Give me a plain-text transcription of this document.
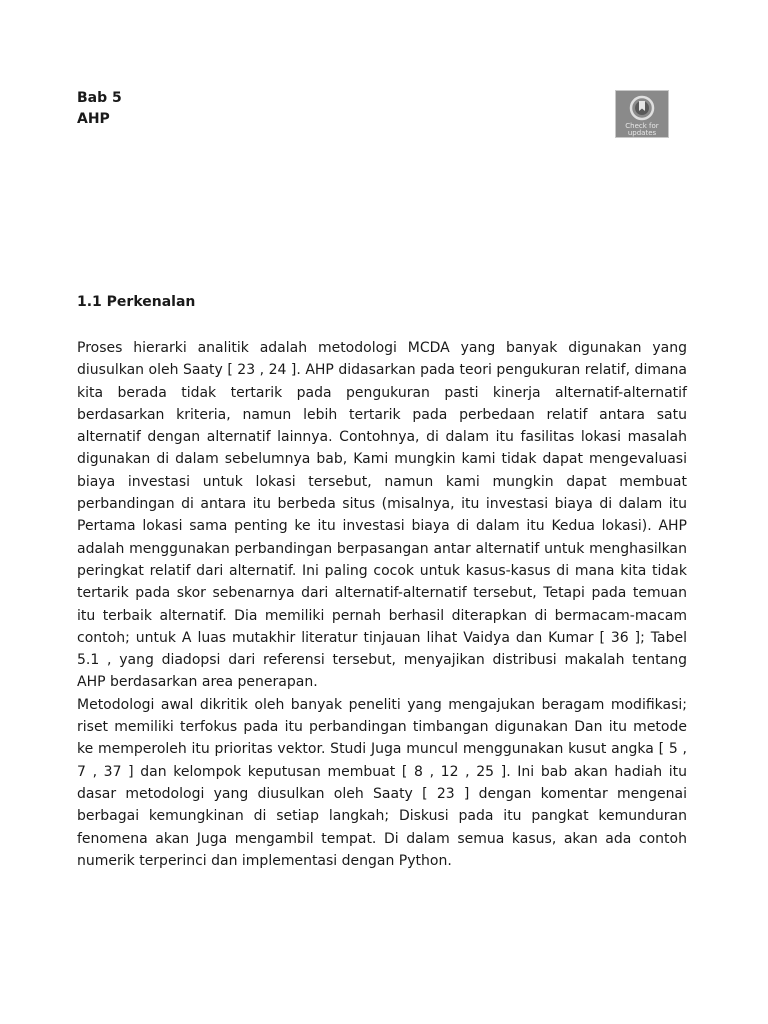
Bab 5
AHP	Check for
updates
1.1 Perkenalan

Proses hierarki analitik adalah metodologi MCDA yang banyak digunakan yang diusulkan oleh Saaty [ 23 , 24 ]. AHP didasarkan pada teori pengukuran relatif, dimana kita berada tidak tertarik pada pengukuran pasti kinerja alternatif-alternatif berdasarkan kriteria, namun lebih tertarik pada perbedaan relatif antara satu alternatif dengan alternatif lainnya. Contohnya, di dalam itu fasilitas lokasi masalah digunakan di dalam sebelumnya bab, Kami mungkin kami tidak dapat mengevaluasi biaya investasi untuk lokasi tersebut, namun kami mungkin dapat membuat perbandingan di antara itu berbeda situs (misalnya, itu investasi biaya di dalam itu Pertama lokasi sama penting ke itu investasi biaya di dalam itu Kedua lokasi). AHP adalah menggunakan perbandingan berpasangan antar alternatif untuk menghasilkan peringkat relatif dari alternatif. Ini paling cocok untuk kasus-kasus di mana kita tidak tertarik pada skor sebenarnya dari alternatif-alternatif tersebut, Tetapi pada temuan itu terbaik alternatif. Dia memiliki pernah berhasil diterapkan di bermacam-macam contoh; untuk A luas mutakhir literatur tinjauan lihat Vaidya dan Kumar [ 36 ]; Tabel 5.1 , yang diadopsi dari referensi tersebut, menyajikan distribusi makalah tentang AHP berdasarkan area penerapan.

Metodologi awal dikritik oleh banyak peneliti yang mengajukan beragam modifikasi; riset memiliki terfokus pada itu perbandingan timbangan digunakan Dan itu metode ke memperoleh itu prioritas vektor. Studi Juga muncul menggunakan kusut angka [ 5 , 7 , 37 ] dan kelompok keputusan membuat [ 8 , 12 , 25 ]. Ini bab akan hadiah itu dasar metodologi yang diusulkan oleh Saaty [ 23 ] dengan komentar mengenai berbagai kemungkinan di setiap langkah; Diskusi pada itu pangkat kemunduran fenomena akan Juga mengambil tempat. Di dalam semua kasus, akan ada contoh numerik terperinci dan implementasi dengan Python.
